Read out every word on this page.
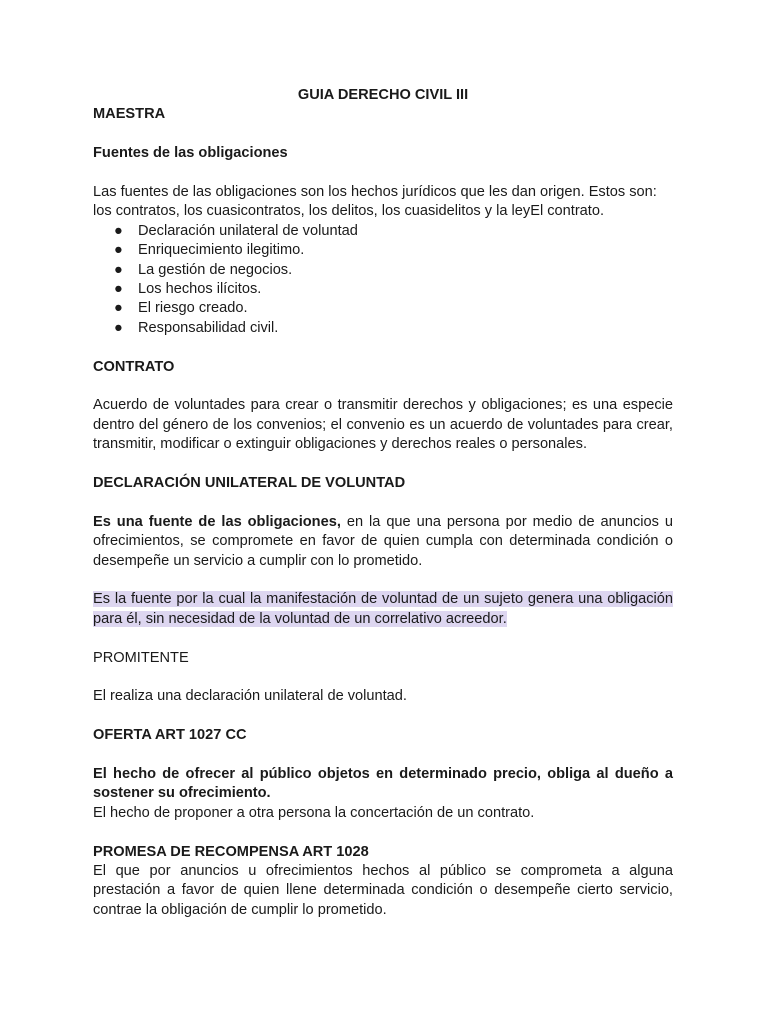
GUIA DERECHO CIVIL III

MAESTRA

Fuentes de las obligaciones

Las fuentes de las obligaciones son los hechos jurídicos que les dan origen. Estos son: los contratos, los cuasicontratos, los delitos, los cuasidelitos y la leyEl contrato.

● Declaración unilateral de voluntad
● Enriquecimiento ilegitimo.
● La gestión de negocios.
● Los hechos ilícitos.
● El riesgo creado.
● Responsabilidad civil.

CONTRATO

Acuerdo de voluntades para crear o transmitir derechos y obligaciones; es una especie dentro del género de los convenios; el convenio es un acuerdo de voluntades para crear, transmitir, modificar o extinguir obligaciones y derechos reales o personales.

DECLARACIÓN UNILATERAL DE VOLUNTAD

Es una fuente de las obligaciones, en la que una persona por medio de anuncios u ofrecimientos, se compromete en favor de quien cumpla con determinada condición o desempeñe un servicio a cumplir con lo prometido.

Es la fuente por la cual la manifestación de voluntad de un sujeto genera una obligación para él, sin necesidad de la voluntad de un correlativo acreedor.

PROMITENTE

El realiza una declaración unilateral de voluntad.

OFERTA ART 1027 CC

El hecho de ofrecer al público objetos en determinado precio, obliga al dueño a sostener su ofrecimiento.

El hecho de proponer a otra persona la concertación de un contrato.

PROMESA DE RECOMPENSA ART 1028

El que por anuncios u ofrecimientos hechos al público se comprometa a alguna prestación a favor de quien llene determinada condición o desempeñe cierto servicio, contrae la obligación de cumplir lo prometido.
